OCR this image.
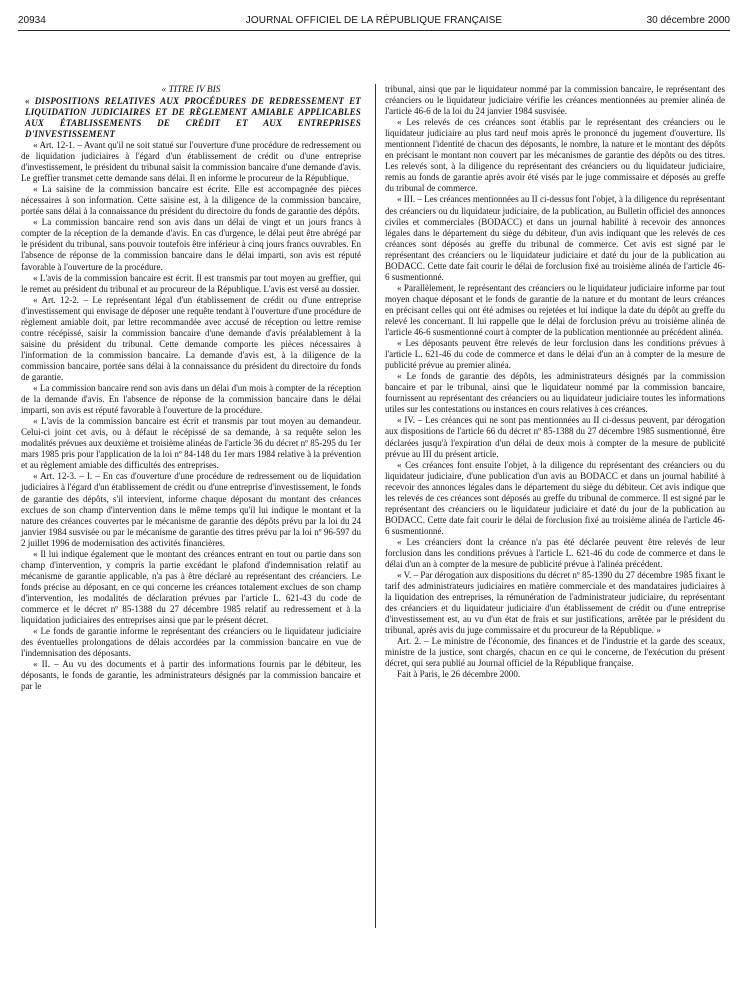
20934	JOURNAL OFFICIEL DE LA RÉPUBLIQUE FRANÇAISE	30 décembre 2000

« TITRE IV BIS

« DISPOSITIONS RELATIVES AUX PROCÉDURES DE REDRESSEMENT ET LIQUIDATION JUDICIAIRES ET DE RÈGLEMENT AMIABLE APPLICABLES AUX ÉTABLISSEMENTS DE CRÉDIT ET AUX ENTREPRISES D'INVESTISSEMENT

« Art. 12-1. – Avant qu'il ne soit statué sur l'ouverture d'une procédure de redressement ou de liquidation judiciaires à l'égard d'un établissement de crédit ou d'une entreprise d'investissement, le président du tribunal saisit la commission bancaire d'une demande d'avis. Le greffier transmet cette demande sans délai. Il en informe le procureur de la République.

« La saisine de la commission bancaire est écrite. Elle est accompagnée des pièces nécessaires à son information. Cette saisine est, à la diligence de la commission bancaire, portée sans délai à la connaissance du président du directoire du fonds de garantie des dépôts.

« La commission bancaire rend son avis dans un délai de vingt et un jours francs à compter de la réception de la demande d'avis. En cas d'urgence, le délai peut être abrégé par le président du tribunal, sans pouvoir toutefois être inférieur à cinq jours francs ouvrables. En l'absence de réponse de la commission bancaire dans le délai imparti, son avis est réputé favorable à l'ouverture de la procédure.

« L'avis de la commission bancaire est écrit. Il est transmis par tout moyen au greffier, qui le remet au président du tribunal et au procureur de la République. L'avis est versé au dossier.

« Art. 12-2. – Le représentant légal d'un établissement de crédit ou d'une entreprise d'investissement qui envisage de déposer une requête tendant à l'ouverture d'une procédure de règlement amiable doit, par lettre recommandée avec accusé de réception ou lettre remise contre récépissé, saisir la commission bancaire d'une demande d'avis préalablement à la saisine du président du tribunal. Cette demande comporte les pièces nécessaires à l'information de la commission bancaire. La demande d'avis est, à la diligence de la commission bancaire, portée sans délai à la connaissance du président du directoire du fonds de garantie.

« La commission bancaire rend son avis dans un délai d'un mois à compter de la réception de la demande d'avis. En l'absence de réponse de la commission bancaire dans le délai imparti, son avis est réputé favorable à l'ouverture de la procédure.

« L'avis de la commission bancaire est écrit et transmis par tout moyen au demandeur. Celui-ci joint cet avis, ou à défaut le récépissé de sa demande, à sa requête selon les modalités prévues aux deuxième et troisième alinéas de l'article 36 du décret nº 85-295 du 1er mars 1985 pris pour l'application de la loi nº 84-148 du 1er mars 1984 relative à la prévention et au règlement amiable des difficultés des entreprises.

« Art. 12-3. – I. – En cas d'ouverture d'une procédure de redressement ou de liquidation judiciaires à l'égard d'un établissement de crédit ou d'une entreprise d'investissement, le fonds de garantie des dépôts, s'il intervient, informe chaque déposant du montant des créances exclues de son champ d'intervention dans le même temps qu'il lui indique le montant et la nature des créances couvertes par le mécanisme de garantie des dépôts prévu par la loi du 24 janvier 1984 susvisée ou par le mécanisme de garantie des titres prévu par la loi nº 96-597 du 2 juillet 1996 de modernisation des activités financières.

« Il lui indique également que le montant des créances entrant en tout ou partie dans son champ d'intervention, y compris la partie excédant le plafond d'indemnisation relatif au mécanisme de garantie applicable, n'a pas à être déclaré au représentant des créanciers. Le fonds précise au déposant, en ce qui concerne les créances totalement exclues de son champ d'intervention, les modalités de déclaration prévues par l'article L. 621-43 du code de commerce et le décret nº 85-1388 du 27 décembre 1985 relatif au redressement et à la liquidation judiciaires des entreprises ainsi que par le présent décret.

« Le fonds de garantie informe le représentant des créanciers ou le liquidateur judiciaire des éventuelles prolongations de délais accordées par la commission bancaire en vue de l'indemnisation des déposants.

« II. – Au vu des documents et à partir des informations fournis par le débiteur, les déposants, le fonds de garantie, les administrateurs désignés par la commission bancaire et par le

tribunal, ainsi que par le liquidateur nommé par la commission bancaire, le représentant des créanciers ou le liquidateur judiciaire vérifie les créances mentionnées au premier alinéa de l'article 46-6 de la loi du 24 janvier 1984 susvisée.

« Les relevés de ces créances sont établis par le représentant des créanciers ou le liquidateur judiciaire au plus tard neuf mois après le prononcé du jugement d'ouverture. Ils mentionnent l'identité de chacun des déposants, le nombre, la nature et le montant des dépôts en précisant le montant non couvert par les mécanismes de garantie des dépôts ou des titres. Les relevés sont, à la diligence du représentant des créanciers ou du liquidateur judiciaire, remis au fonds de garantie après avoir été visés par le juge commissaire et déposés au greffe du tribunal de commerce.

« III. – Les créances mentionnées au II ci-dessus font l'objet, à la diligence du représentant des créanciers ou du liquidateur judiciaire, de la publication, au Bulletin officiel des annonces civiles et commerciales (BODACC) et dans un journal habilité à recevoir des annonces légales dans le département du siège du débiteur, d'un avis indiquant que les relevés de ces créances sont déposés au greffe du tribunal de commerce. Cet avis est signé par le représentant des créanciers ou le liquidateur judiciaire et daté du jour de la publication au BODACC. Cette date fait courir le délai de forclusion fixé au troisième alinéa de l'article 46-6 susmentionné.

« Parallèlement, le représentant des créanciers ou le liquidateur judiciaire informe par tout moyen chaque déposant et le fonds de garantie de la nature et du montant de leurs créances en précisant celles qui ont été admises ou rejetées et lui indique la date du dépôt au greffe du relevé les concernant. Il lui rappelle que le délai de forclusion prévu au troisième alinéa de l'article 46-6 susmentionné court à compter de la publication mentionnée au précédent alinéa.

« Les déposants peuvent être relevés de leur forclusion dans les conditions prévues à l'article L. 621-46 du code de commerce et dans le délai d'un an à compter de la mesure de publicité prévue au premier alinéa.

« Le fonds de garantie des dépôts, les administrateurs désignés par la commission bancaire et par le tribunal, ainsi que le liquidateur nommé par la commission bancaire, fournissent au représentant des créanciers ou au liquidateur judiciaire toutes les informations utiles sur les contestations ou instances en cours relatives à ces créances.

« IV. – Les créances qui ne sont pas mentionnées au II ci-dessus peuvent, par dérogation aux dispositions de l'article 66 du décret nº 85-1388 du 27 décembre 1985 susmentionné, être déclarées jusqu'à l'expiration d'un délai de deux mois à compter de la mesure de publicité prévue au III du présent article.

« Ces créances font ensuite l'objet, à la diligence du représentant des créanciers ou du liquidateur judiciaire, d'une publication d'un avis au BODACC et dans un journal habilité à recevoir des annonces légales dans le département du siège du débiteur. Cet avis indique que les relevés de ces créances sont déposés au greffe du tribunal de commerce. Il est signé par le représentant des créanciers ou le liquidateur judiciaire et daté du jour de la publication au BODACC. Cette date fait courir le délai de forclusion fixé au troisième alinéa de l'article 46-6 susmentionné.

« Les créanciers dont la créance n'a pas été déclarée peuvent être relevés de leur forclusion dans les conditions prévues à l'article L. 621-46 du code de commerce et dans le délai d'un an à compter de la mesure de publicité prévue à l'alinéa précédent.

« V. – Par dérogation aux dispositions du décret nº 85-1390 du 27 décembre 1985 fixant le tarif des administrateurs judiciaires en matière commerciale et des mandataires judiciaires à la liquidation des entreprises, la rémunération de l'administrateur judiciaire, du représentant des créanciers et du liquidateur judiciaire d'un établissement de crédit ou d'une entreprise d'investissement est, au vu d'un état de frais et sur justifications, arrêtée par le président du tribunal, après avis du juge commissaire et du procureur de la République. »

Art. 2. – Le ministre de l'économie, des finances et de l'industrie et la garde des sceaux, ministre de la justice, sont chargés, chacun en ce qui le concerne, de l'exécution du présent décret, qui sera publié au Journal officiel de la République française.

Fait à Paris, le 26 décembre 2000.
